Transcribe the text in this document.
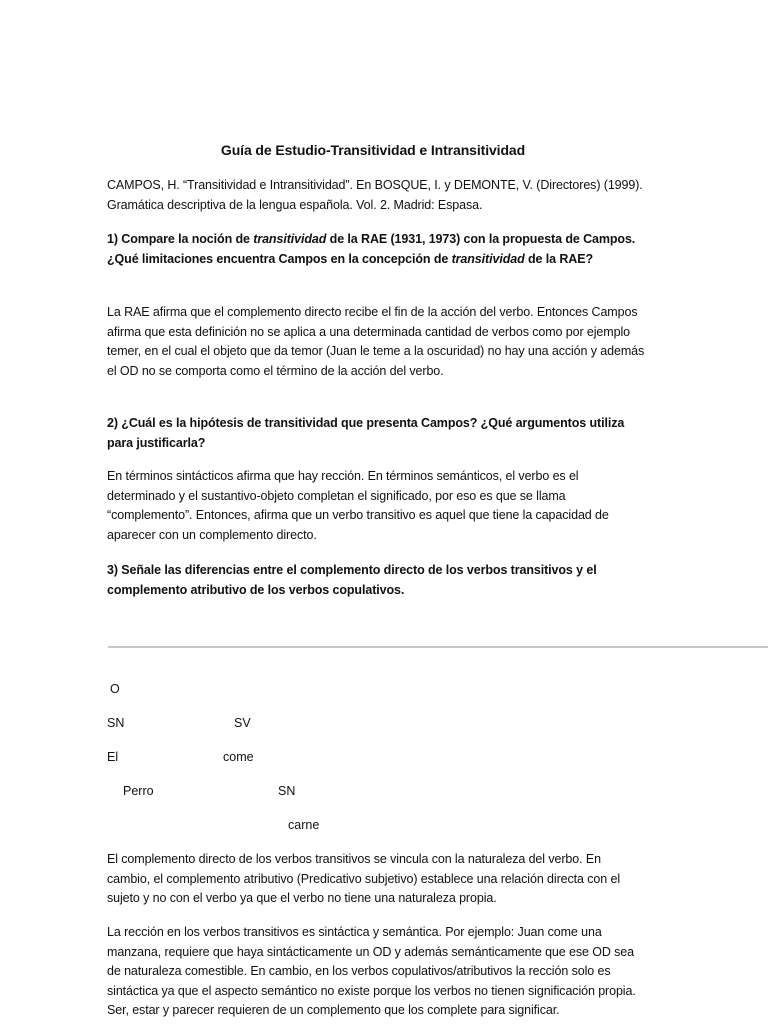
Guía de Estudio-Transitividad e Intransitividad

CAMPOS, H. “Transitividad e Intransitividad”. En BOSQUE, I. y DEMONTE, V. (Directores) (1999). Gramática descriptiva de la lengua española. Vol. 2. Madrid: Espasa.

1) Compare la noción de transitividad de la RAE (1931, 1973) con la propuesta de Campos. ¿Qué limitaciones encuentra Campos en la concepción de transitividad de la RAE?

La RAE afirma que el complemento directo recibe el fin de la acción del verbo. Entonces Campos afirma que esta definición no se aplica a una determinada cantidad de verbos como por ejemplo temer, en el cual el objeto que da temor (Juan le teme a la oscuridad) no hay una acción y además el OD no se comporta como el término de la acción del verbo.

2) ¿Cuál es la hipótesis de transitividad que presenta Campos? ¿Qué argumentos utiliza para justificarla?

En términos sintácticos afirma que hay rección. En términos semánticos, el verbo es el determinado y el sustantivo-objeto completan el significado, por eso es que se llama “complemento”. Entonces, afirma que un verbo transitivo es aquel que tiene la capacidad de aparecer con un complemento directo.

3) Señale las diferencias entre el complemento directo de los verbos transitivos y el complemento atributivo de los verbos copulativos.

O
SN	SV
El	come
Perro	SN
carne

El complemento directo de los verbos transitivos se vincula con la naturaleza del verbo. En cambio, el complemento atributivo (Predicativo subjetivo) establece una relación directa con el sujeto y no con el verbo ya que el verbo no tiene una naturaleza propia.

La rección en los verbos transitivos es sintáctica y semántica. Por ejemplo: Juan come una manzana, requiere que haya sintácticamente un OD y además semánticamente que ese OD sea de naturaleza comestible. En cambio, en los verbos copulativos/atributivos la rección solo es sintáctica ya que el aspecto semántico no existe porque los verbos no tienen significación propia. Ser, estar y parecer requieren de un complemento que los complete para significar.
